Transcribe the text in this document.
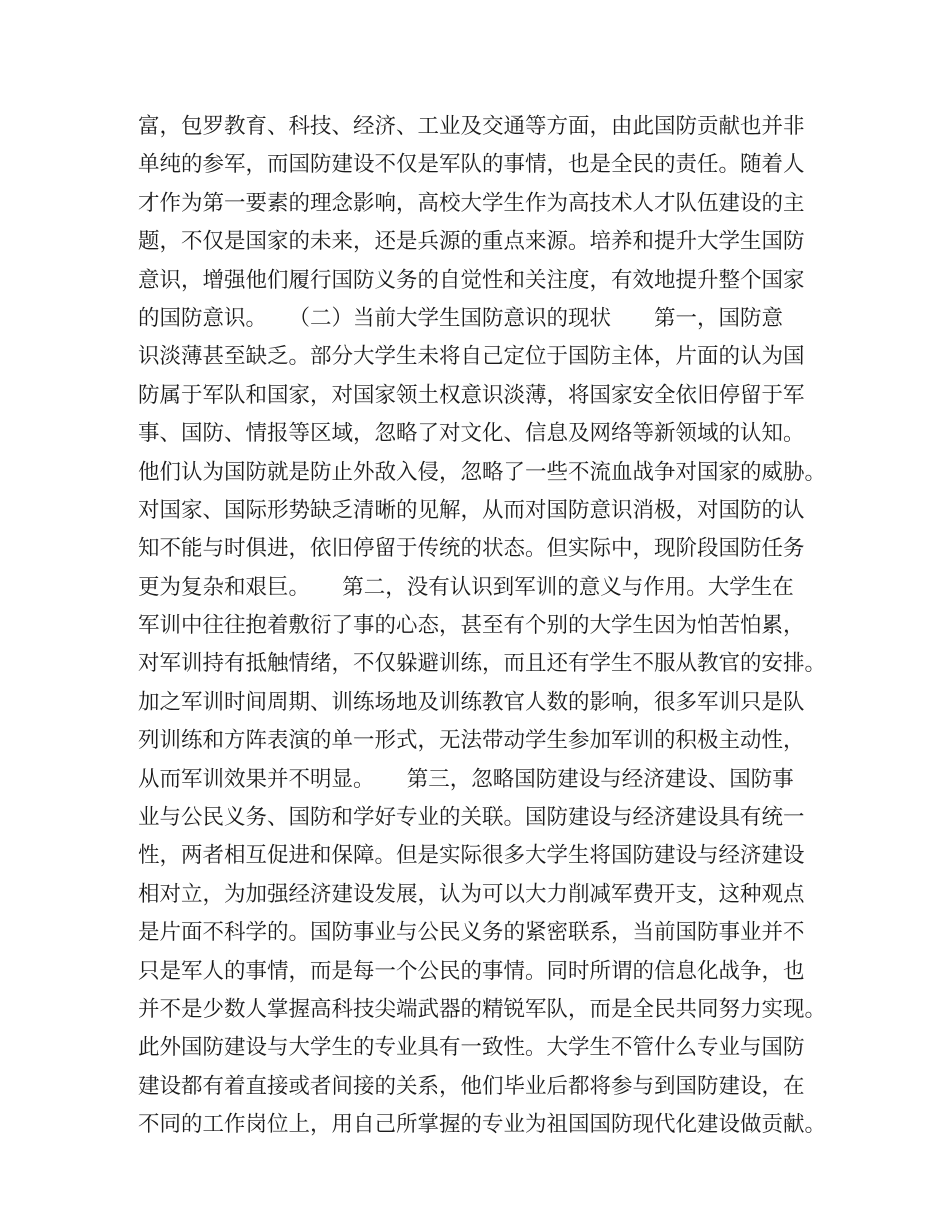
富，包罗教育、科技、经济、工业及交通等方面，由此国防贡献也并非
单纯的参军，而国防建设不仅是军队的事情，也是全民的责任。随着人
才作为第一要素的理念影响，高校大学生作为高技术人才队伍建设的主
题，不仅是国家的未来，还是兵源的重点来源。培养和提升大学生国防
意识，增强他们履行国防义务的自觉性和关注度，有效地提升整个国家
的国防意识。　　（二）当前大学生国防意识的现状　　第一，国防意
识淡薄甚至缺乏。部分大学生未将自己定位于国防主体，片面的认为国
防属于军队和国家，对国家领土权意识淡薄，将国家安全依旧停留于军
事、国防、情报等区域，忽略了对文化、信息及网络等新领域的认知。
他们认为国防就是防止外敌入侵，忽略了一些不流血战争对国家的威胁。
对国家、国际形势缺乏清晰的见解，从而对国防意识消极，对国防的认
知不能与时俱进，依旧停留于传统的状态。但实际中，现阶段国防任务
更为复杂和艰巨。　　第二，没有认识到军训的意义与作用。大学生在
军训中往往抱着敷衍了事的心态，甚至有个别的大学生因为怕苦怕累，
对军训持有抵触情绪，不仅躲避训练，而且还有学生不服从教官的安排。
加之军训时间周期、训练场地及训练教官人数的影响，很多军训只是队
列训练和方阵表演的单一形式，无法带动学生参加军训的积极主动性，
从而军训效果并不明显。　　第三，忽略国防建设与经济建设、国防事
业与公民义务、国防和学好专业的关联。国防建设与经济建设具有统一
性，两者相互促进和保障。但是实际很多大学生将国防建设与经济建设
相对立，为加强经济建设发展，认为可以大力削减军费开支，这种观点
是片面不科学的。国防事业与公民义务的紧密联系，当前国防事业并不
只是军人的事情，而是每一个公民的事情。同时所谓的信息化战争，也
并不是少数人掌握高科技尖端武器的精锐军队，而是全民共同努力实现。
此外国防建设与大学生的专业具有一致性。大学生不管什么专业与国防
建设都有着直接或者间接的关系，他们毕业后都将参与到国防建设，在
不同的工作岗位上，用自己所掌握的专业为祖国国防现代化建设做贡献。
